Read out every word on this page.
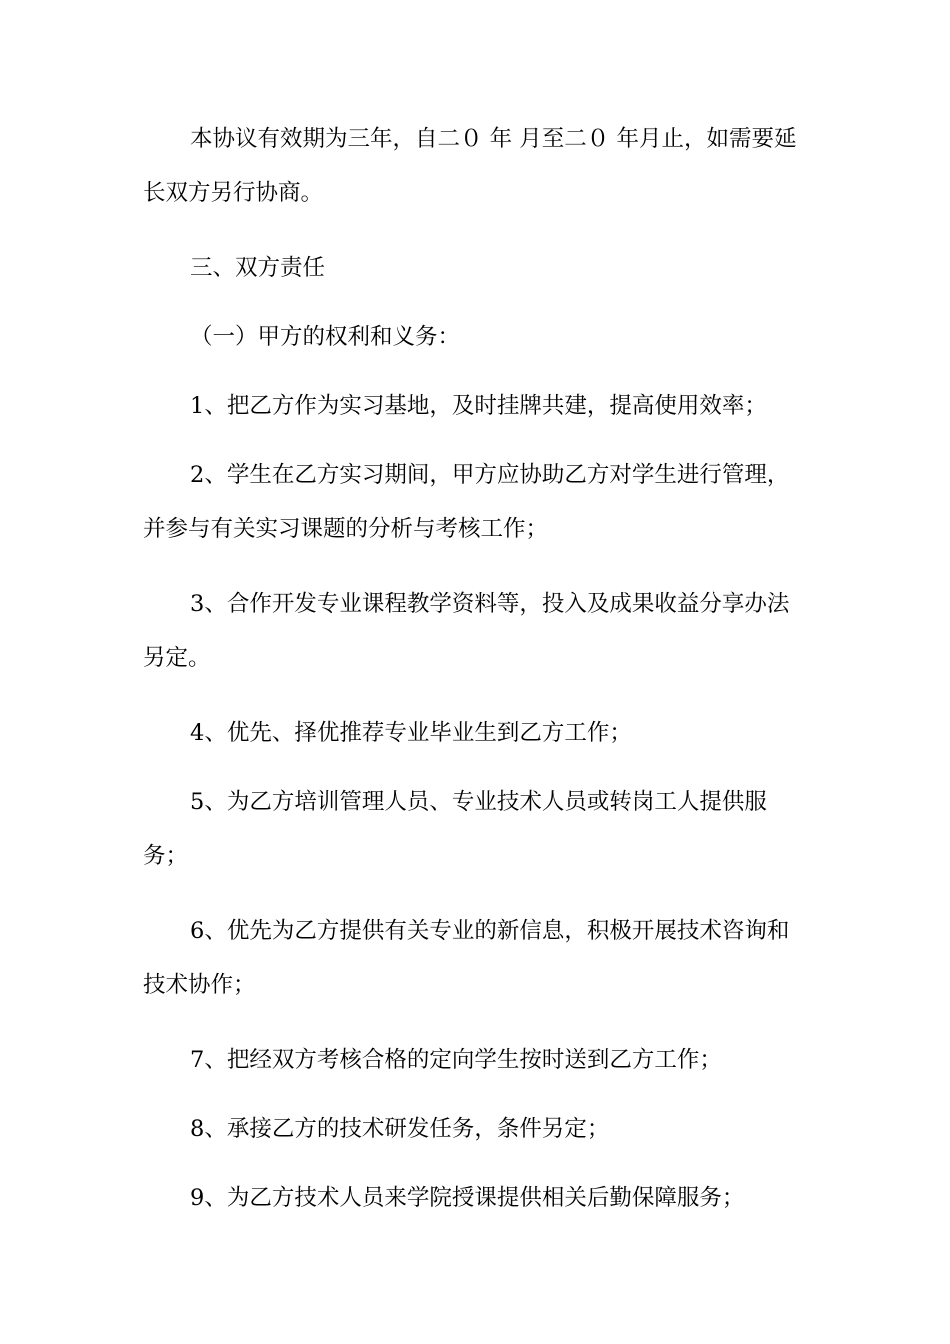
本协议有效期为三年，自二０ 年 月至二０ 年月止，如需要延长双方另行协商。

三、双方责任

（一）甲方的权利和义务：

1、把乙方作为实习基地，及时挂牌共建，提高使用效率；

2、学生在乙方实习期间，甲方应协助乙方对学生进行管理，并参与有关实习课题的分析与考核工作；

3、合作开发专业课程教学资料等，投入及成果收益分享办法另定。

4、优先、择优推荐专业毕业生到乙方工作；

5、为乙方培训管理人员、专业技术人员或转岗工人提供服务；

6、优先为乙方提供有关专业的新信息，积极开展技术咨询和技术协作；

7、把经双方考核合格的定向学生按时送到乙方工作；

8、承接乙方的技术研发任务，条件另定；

9、为乙方技术人员来学院授课提供相关后勤保障服务；
